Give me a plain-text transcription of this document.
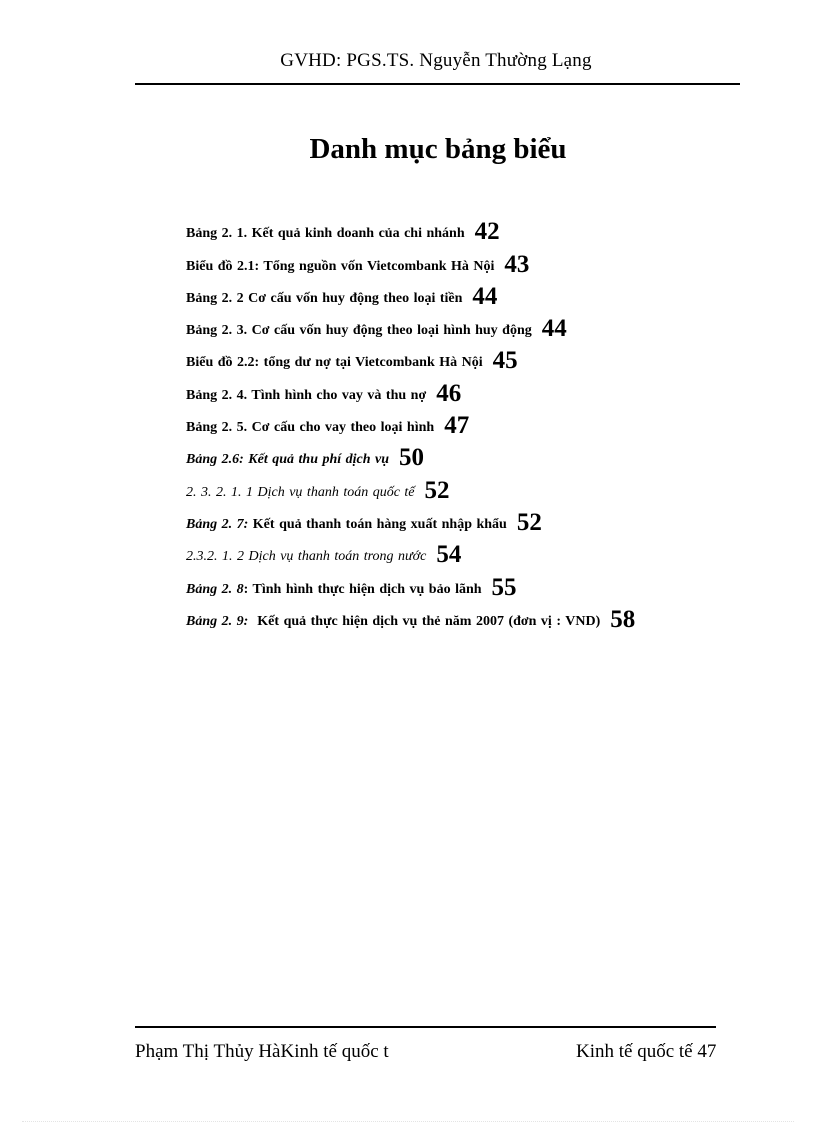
GVHD: PGS.TS. Nguyễn Thường Lạng
Danh mục bảng biểu
Bảng 2. 1. Kết quả kinh doanh của chi nhánh 42
Biểu đồ 2.1: Tổng nguồn vốn Vietcombank Hà Nội 43
Bảng 2. 2 Cơ cấu vốn huy động theo loại tiền 44
Bảng 2. 3. Cơ cấu vốn huy động theo loại hình huy động 44
Biểu đồ 2.2: tổng dư nợ tại Vietcombank Hà Nội 45
Bảng 2. 4. Tình hình cho vay và thu nợ 46
Bảng 2. 5. Cơ cấu cho vay theo loại hình 47
Bảng 2.6: Kết quả thu phí dịch vụ 50
2. 3. 2. 1. 1 Dịch vụ thanh toán quốc tế 52
Bảng 2. 7: Kết quả thanh toán hàng xuất nhập khẩu 52
2.3.2. 1. 2 Dịch vụ thanh toán trong nước 54
Bảng 2. 8: Tình hình thực hiện dịch vụ bảo lãnh 55
Bảng 2. 9: Kết quả thực hiện dịch vụ thẻ năm 2007 (đơn vị : VND) 58
Phạm Thị Thủy HàKinh tế quốc t	Kinh tế quốc tế 47
